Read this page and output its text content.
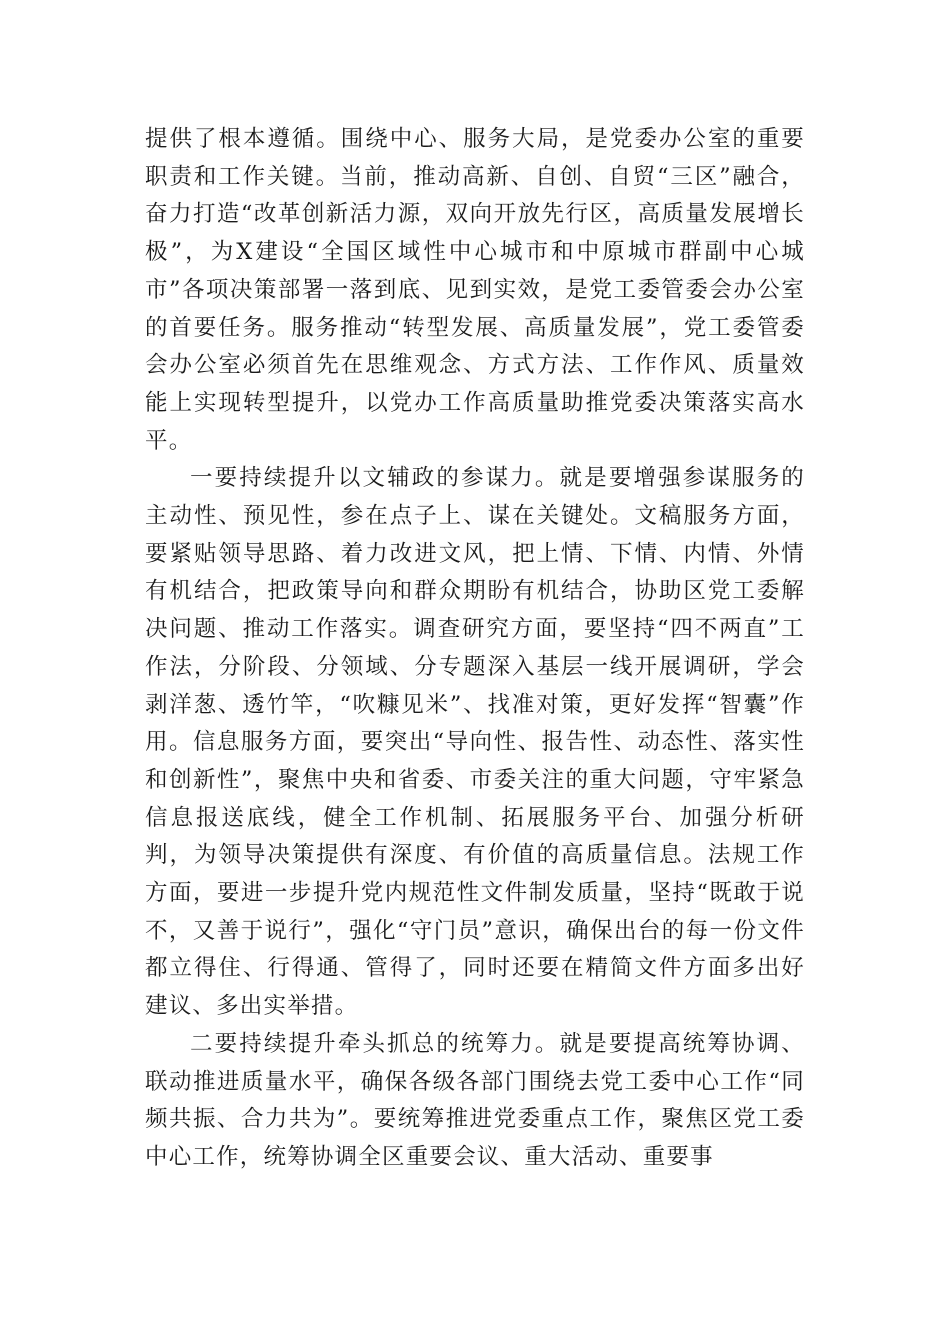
提供了根本遵循。围绕中心、服务大局，是党委办公室的重要职责和工作关键。当前，推动高新、自创、自贸“三区”融合，奋力打造“改革创新活力源，双向开放先行区，高质量发展增长极”，为X建设“全国区域性中心城市和中原城市群副中心城市”各项决策部署一落到底、见到实效，是党工委管委会办公室的首要任务。服务推动“转型发展、高质量发展”，党工委管委会办公室必须首先在思维观念、方式方法、工作作风、质量效能上实现转型提升，以党办工作高质量助推党委决策落实高水平。

一要持续提升以文辅政的参谋力。就是要增强参谋服务的主动性、预见性，参在点子上、谋在关键处。文稿服务方面，要紧贴领导思路、着力改进文风，把上情、下情、内情、外情有机结合，把政策导向和群众期盼有机结合，协助区党工委解决问题、推动工作落实。调查研究方面，要坚持“四不两直”工作法，分阶段、分领域、分专题深入基层一线开展调研，学会剥洋葱、透竹竿，“吹糠见米”、找准对策，更好发挥“智囊”作用。信息服务方面，要突出“导向性、报告性、动态性、落实性和创新性”，聚焦中央和省委、市委关注的重大问题，守牢紧急信息报送底线，健全工作机制、拓展服务平台、加强分析研判，为领导决策提供有深度、有价值的高质量信息。法规工作方面，要进一步提升党内规范性文件制发质量，坚持“既敢于说不，又善于说行”，强化“守门员”意识，确保出台的每一份文件都立得住、行得通、管得了，同时还要在精简文件方面多出好建议、多出实举措。

二要持续提升牵头抓总的统筹力。就是要提高统筹协调、联动推进质量水平，确保各级各部门围绕去党工委中心工作“同频共振、合力共为”。要统筹推进党委重点工作，聚焦区党工委中心工作，统筹协调全区重要会议、重大活动、重要事
